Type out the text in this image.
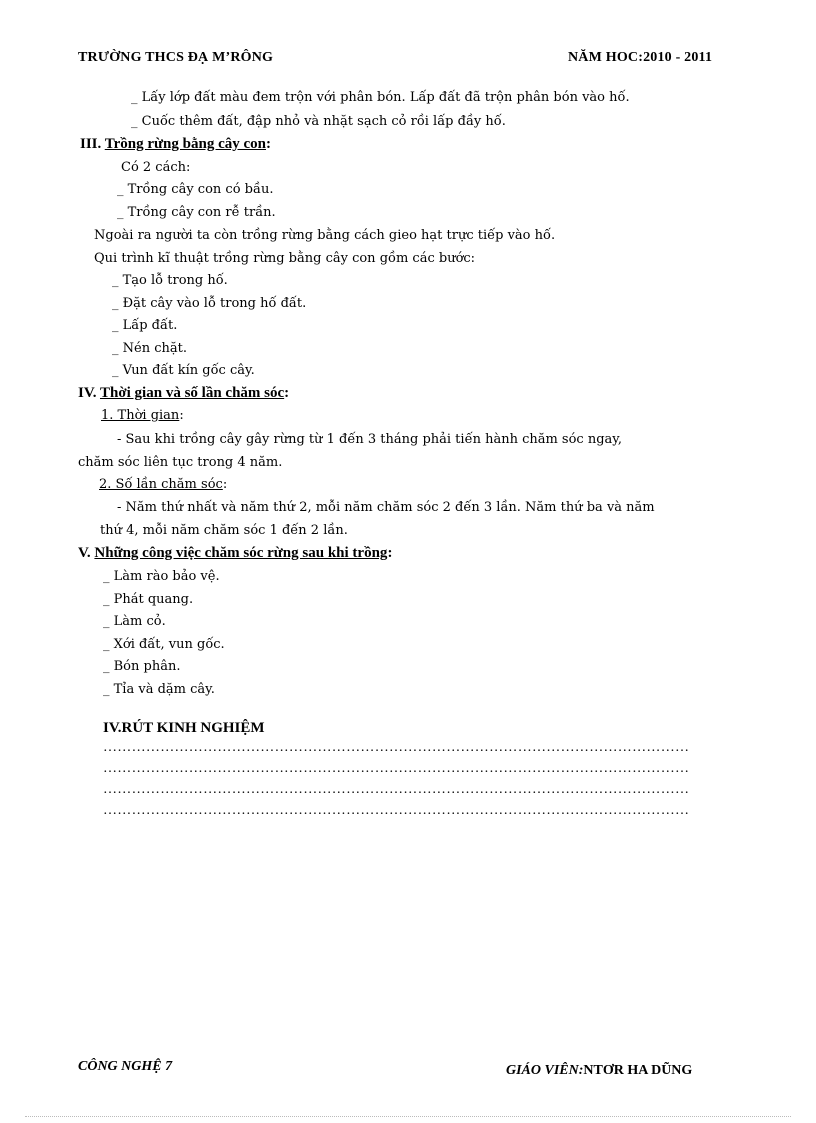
TRƯỜNG THCS ĐẠ M’RÔNG	NĂM HOC:2010 - 2011
_ Lấy lớp đất màu đem trộn với phân bón. Lấp đất đã trộn phân bón vào hố.
_ Cuốc thêm đất, đập nhỏ và nhặt sạch cỏ rồi lấp đầy hố.
III. Trồng rừng bằng cây con:
Có 2 cách:
_ Trồng cây con có bầu.
_ Trồng cây con rễ trần.
Ngoài ra người ta còn trồng rừng bằng cách gieo hạt trực tiếp vào hố.
Qui trình kĩ thuật trồng rừng bằng cây con gồm các bước:
_ Tạo lỗ trong hố.
_ Đặt cây vào lỗ trong hố đất.
_ Lấp đất.
_ Nén chặt.
_ Vun đất kín gốc cây.
IV. Thời gian và số lần chăm sóc:
1. Thời gian:
- Sau khi trồng cây gây rừng từ 1 đến 3 tháng phải tiến hành chăm sóc ngay,
chăm sóc liên tục trong 4 năm.
2. Số lần chăm sóc:
- Năm thứ nhất và năm thứ 2, mỗi năm chăm sóc 2 đến 3 lần. Năm thứ ba và năm
thứ 4, mỗi năm chăm sóc 1 đến 2 lần.
V. Những công việc chăm sóc rừng sau khi trồng:
_ Làm rào bảo vệ.
_ Phát quang.
_ Làm cỏ.
_ Xới đất, vun gốc.
_ Bón phân.
_ Tỉa và dặm cây.
IV.RÚT KINH NGHIỆM
……………………………………………………………………………………………………………
……………………………………………………………………………………………………………
……………………………………………………………………………………………………………
……………………………………………………………………………………………………………
CÔNG NGHỆ 7	GIÁO VIÊN:NTƠR HA DŨNG
